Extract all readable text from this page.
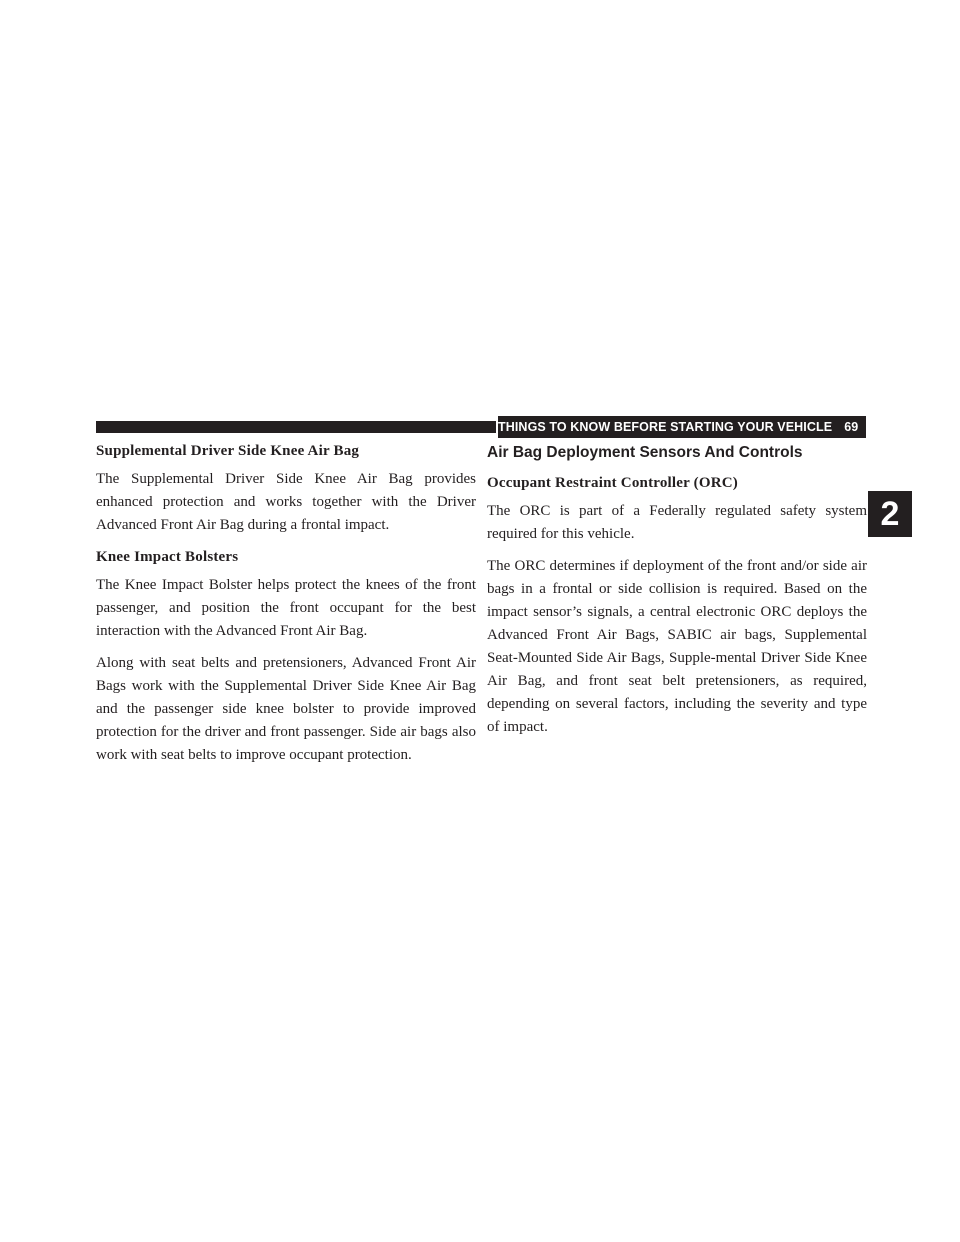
THINGS TO KNOW BEFORE STARTING YOUR VEHICLE 69
2

Supplemental Driver Side Knee Air Bag

The Supplemental Driver Side Knee Air Bag provides enhanced protection and works together with the Driver Advanced Front Air Bag during a frontal impact.

Knee Impact Bolsters

The Knee Impact Bolster helps protect the knees of the front passenger, and position the front occupant for the best interaction with the Advanced Front Air Bag.

Along with seat belts and pretensioners, Advanced Front Air Bags work with the Supplemental Driver Side Knee Air Bag and the passenger side knee bolster to provide improved protection for the driver and front passenger. Side air bags also work with seat belts to improve occupant protection.

Air Bag Deployment Sensors And Controls

Occupant Restraint Controller (ORC)

The ORC is part of a Federally regulated safety system required for this vehicle.

The ORC determines if deployment of the front and/or side air bags in a frontal or side collision is required. Based on the impact sensor’s signals, a central electronic ORC deploys the Advanced Front Air Bags, SABIC air bags, Supplemental Seat-Mounted Side Air Bags, Supple-mental Driver Side Knee Air Bag, and front seat belt pretensioners, as required, depending on several factors, including the severity and type of impact.
